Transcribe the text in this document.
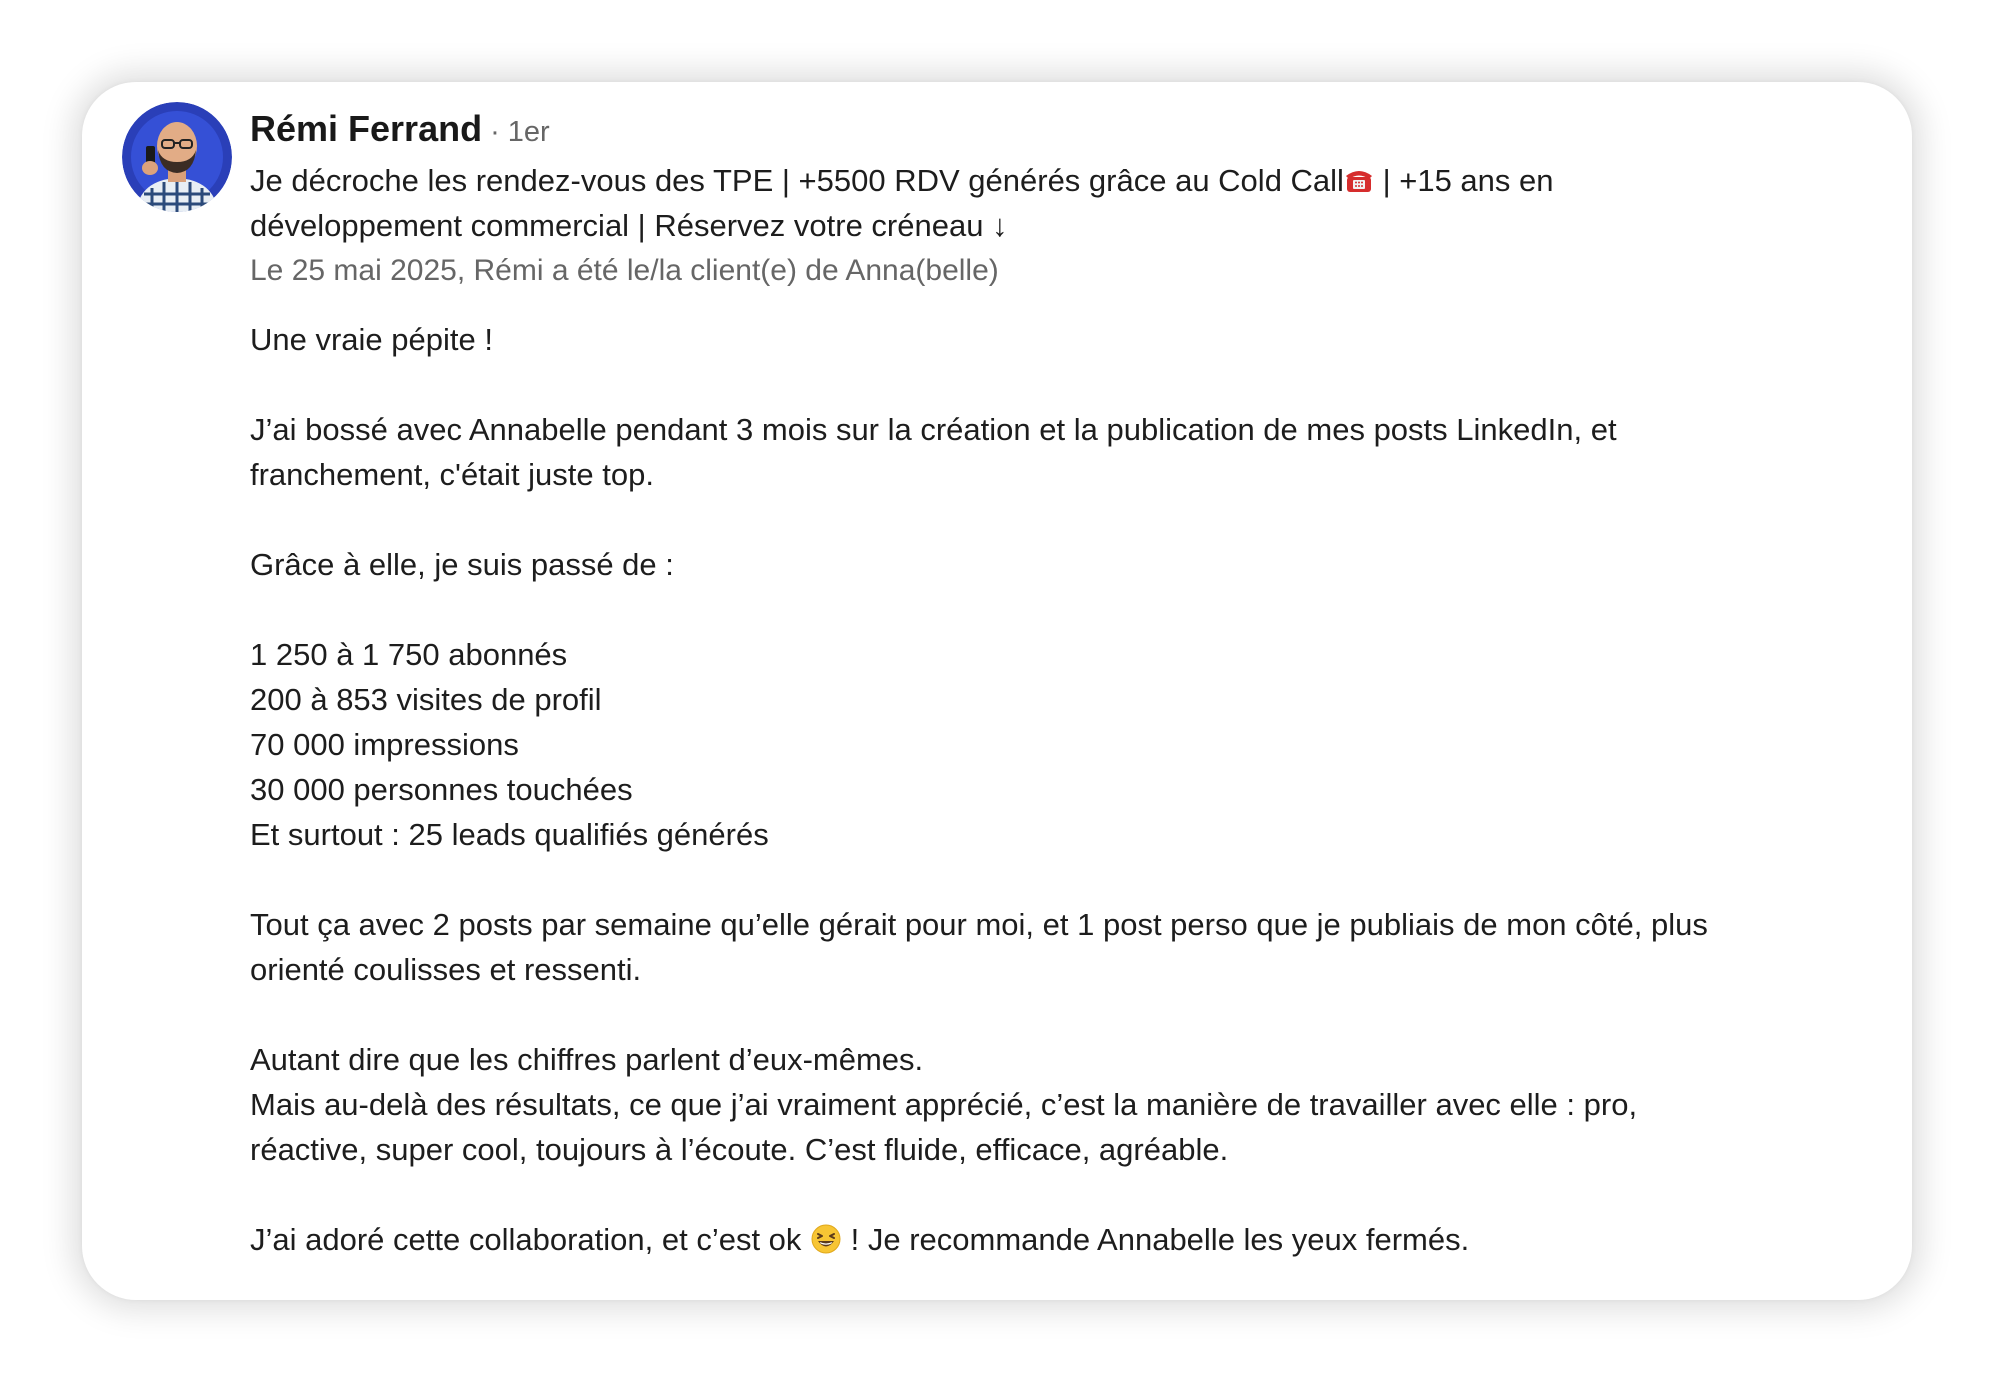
Rémi Ferrand · 1er
Je décroche les rendez-vous des TPE | +5500 RDV générés grâce au Cold Call | +15 ans en
développement commercial | Réservez votre créneau ↓
Le 25 mai 2025, Rémi a été le/la client(e) de Anna(belle)

Une vraie pépite !

J’ai bossé avec Annabelle pendant 3 mois sur la création et la publication de mes posts LinkedIn, et
franchement, c'était juste top.

Grâce à elle, je suis passé de :

1 250 à 1 750 abonnés
200 à 853 visites de profil
70 000 impressions
30 000 personnes touchées
Et surtout : 25 leads qualifiés générés

Tout ça avec 2 posts par semaine qu’elle gérait pour moi, et 1 post perso que je publiais de mon côté, plus
orienté coulisses et ressenti.

Autant dire que les chiffres parlent d’eux-mêmes.
Mais au-delà des résultats, ce que j’ai vraiment apprécié, c’est la manière de travailler avec elle : pro,
réactive, super cool, toujours à l’écoute. C’est fluide, efficace, agréable.

J’ai adoré cette collaboration, et c’est ok  ! Je recommande Annabelle les yeux fermés.
